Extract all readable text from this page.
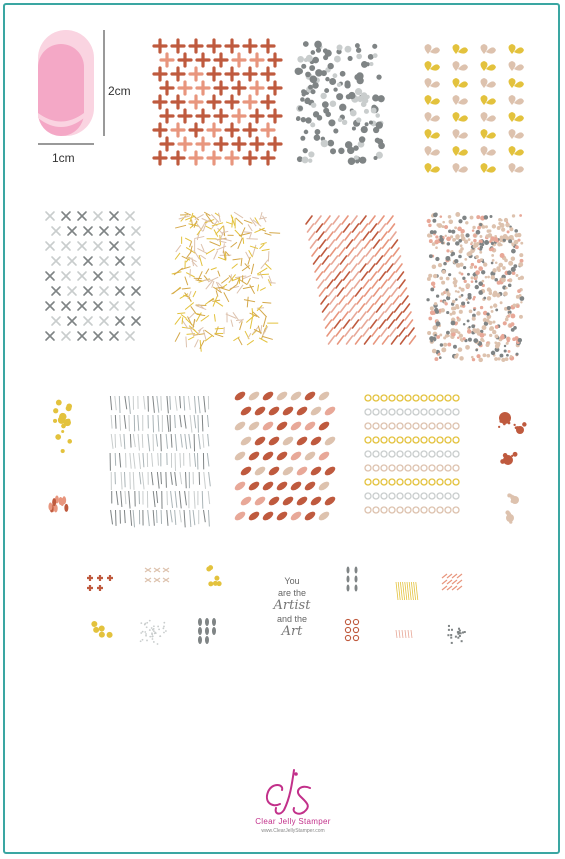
2cm
1cm
You
are the
Artist
and the
Art
Clear Jelly Stamper
www.ClearJellyStamper.com
